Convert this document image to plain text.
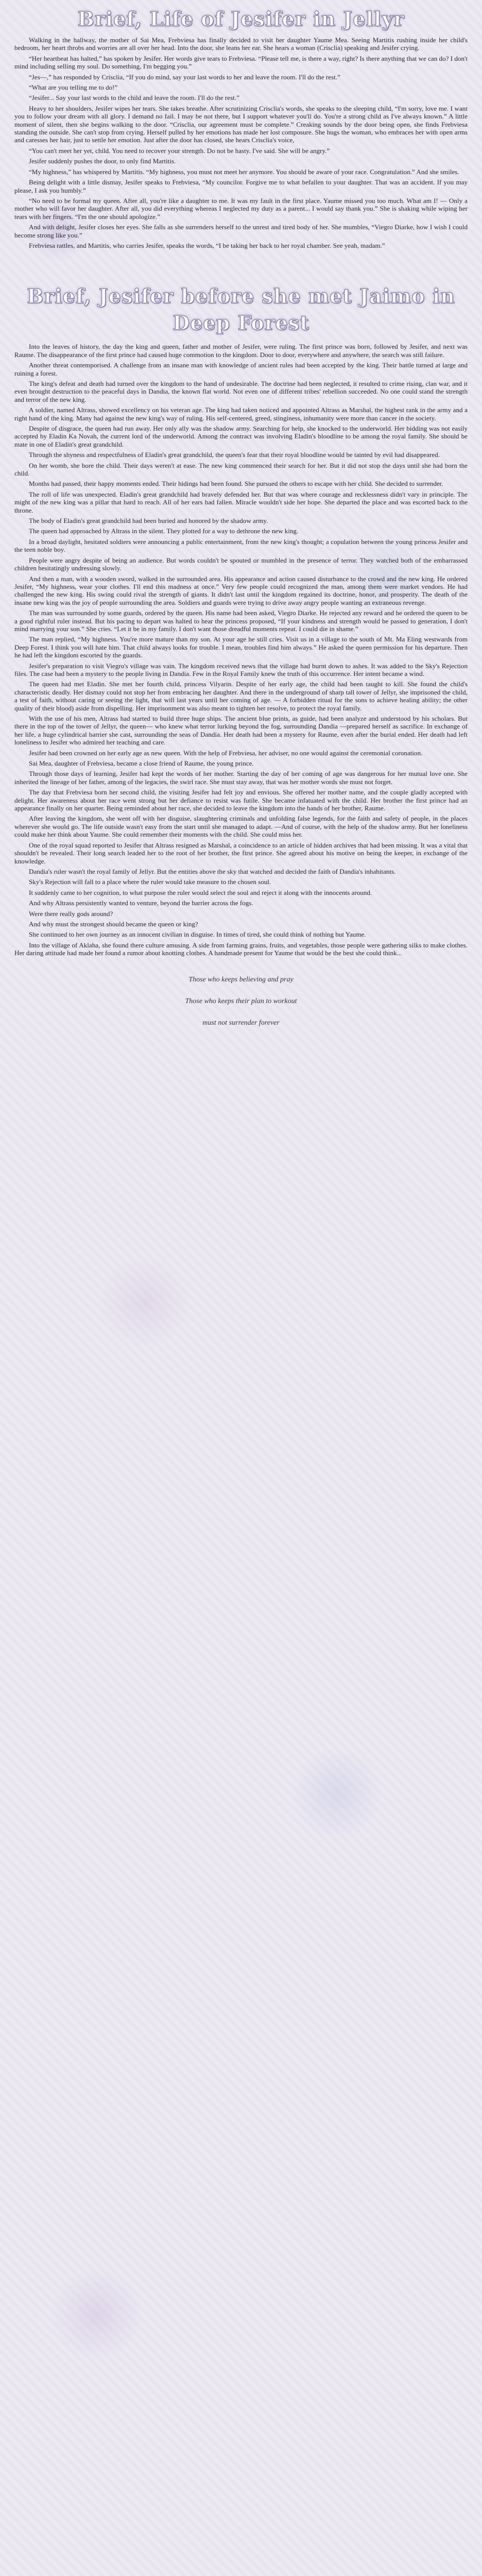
Brief, Life of Jesifer in Jellyr

Walking in the hallway, the mother of Sai Mea, Frebviesa has finally decided to visit her daughter Yaume Mea. Seeing Martitis rushing inside her child's bedroom, her heart throbs and worries are all over her head. Into the door, she leans her ear. She hears a woman (Crisclia) speaking and Jesifer crying.

“Her heartbeat has halted,” has spoken by Jesifer. Her words give tears to Frebviesa. “Please tell me, is there a way, right? Is there anything that we can do? I don't mind including selling my soul. Do something, I'm begging you.”

“Jes—,” has responded by Crisclia, “If you do mind, say your last words to her and leave the room. I'll do the rest.”

“What are you telling me to do!”

“Jesifer... Say your last words to the child and leave the room. I'll do the rest.”

Heavy to her shoulders, Jesifer wipes her tears. She takes breathe. After scrutinizing Crisclia's words, she speaks to the sleeping child, “I'm sorry, love me. I want you to follow your dream with all glory. I demand no fail. I may be not there, but I support whatever you'll do. You're a strong child as I've always known.” A little moment of silent, then she begins walking to the door. “Crisclia, our agreement must be complete.” Creaking sounds by the door being open, she finds Frebviesa standing the outside. She can't stop from crying. Herself pulled by her emotions has made her lost composure. She hugs the woman, who embraces her with open arms and caresses her hair, just to settle her emotion. Just after the door has closed, she hears Crisclia's voice,

“You can't meet her yet, child. You need to recover your strength. Do not be hasty. I've said. She will be angry.”

Jesifer suddenly pushes the door, to only find Martitis.

“My highness,” has whispered by Martitis. “My highness, you must not meet her anymore. You should be aware of your race. Congratulation.” And she smiles.

Being delight with a little dismay, Jesifer speaks to Frebviesa, “My councilor. Forgive me to what befallen to your daughter. That was an accident. If you may please, I ask you humbly.”

“No need to be formal my queen. After all, you're like a daughter to me. It was my fault in the first place. Yaume missed you too much. What am I! — Only a mother who will favor her daughter. After all, you did everything whereas I neglected my duty as a parent... I would say thank you.” She is shaking while wiping her tears with her fingers. “I'm the one should apologize.”

And with delight, Jesifer closes her eyes. She falls as she surrenders herself to the unrest and tired body of her. She mumbles, “Viegro Diarke, how I wish I could become strong like you.”

Frebviesa rattles, and Martitis, who carries Jesifer, speaks the words, “I be taking her back to her royal chamber. See yeah, madam.”

Brief, Jesifer before she met Jaimo in Deep Forest

Into the leaves of history, the day the king and queen, father and mother of Jesifer, were ruling. The first prince was born, followed by Jesifer, and next was Raume. The disappearance of the first prince had caused huge commotion to the kingdom. Door to door, everywhere and anywhere, the search was still failure.

Another threat contemporised. A challenge from an insane man with knowledge of ancient rules had been accepted by the king. Their battle turned at large and ruining a forest.

The king's defeat and death had turned over the kingdom to the hand of undesirable. The doctrine had been neglected, it resulted to crime rising, clan war, and it even brought destruction to the peaceful days in Dandia, the known flat world. Not even one of different tribes' rebellion succeeded. No one could stand the strength and terror of the new king.

A soldier, named Altrass, showed excellency on his veteran age. The king had taken noticed and appointed Altrass as Marshal, the highest rank in the army and a right hand of the king. Many had against the new king's way of ruling. His self-centered, greed, stinginess, inhumanity were more than cancer in the society.

Despite of disgrace, the queen had run away. Her only ally was the shadow army. Searching for help, she knocked to the underworld. Her bidding was not easily accepted by Eladin Ka Novah, the current lord of the underworld. Among the contract was involving Eladin's bloodline to be among the royal family. She should be mate in one of Eladin's great grandchild.

Through the shyness and respectfulness of Eladin's great grandchild, the queen's fear that their royal bloodline would be tainted by evil had disappeared.

On her womb, she bore the child. Their days weren't at ease. The new king commenced their search for her. But it did not stop the days until she had born the child.

Months had passed, their happy moments ended. Their hidings had been found. She pursued the others to escape with her child. She decided to surrender.

The roll of life was unexpected. Eladin's great grandchild had bravely defended her. But that was where courage and recklessness didn't vary in principle. The might of the new king was a pillar that hard to reach. All of her ears had fallen. Miracle wouldn't side her hope. She departed the place and was escorted back to the throne.

The body of Eladin's great grandchild had been buried and honored by the shadow army.

The queen had approached by Altrass in the silent. They plotted for a way to dethrone the new king.

In a broad daylight, hesitated soldiers were announcing a public entertainment, from the new king's thought; a copulation between the young princess Jesifer and the teen noble boy.

People were angry despite of being an audience. But words couldn't be spouted or mumbled in the presence of terror. They watched both of the embarrassed children hesitatingly undressing slowly.

And then a man, with a wooden sword, walked in the surrounded area. His appearance and action caused disturbance to the crowd and the new king. He ordered Jesifer, “My highness, wear your clothes. I'll end this madness at once.” Very few people could recognized the man, among them were market vendors. He had challenged the new king. His swing could rival the strength of giants. It didn't last until the kingdom regained its doctrine, honor, and prosperity. The death of the insane new king was the joy of people surrounding the area. Soldiers and guards were trying to drive away angry people wanting an extraneous revenge.

The man was surrounded by some guards, ordered by the queen. His name had been asked, Viegro Diarke. He rejected any reward and he ordered the queen to be a good rightful ruler instead. But his pacing to depart was halted to hear the princess proposed, “If your kindness and strength would be passed to generation, I don't mind marrying your son.” She cries. “Let it be in my family. I don't want those dreadful moments repeat. I could die in shame.”

The man replied, “My highness. You're more mature than my son. At your age he still cries. Visit us in a village to the south of Mt. Ma Eling westwards from Deep Forest. I think you will hate him. That child always looks for trouble. I mean, troubles find him always.” He asked the queen permission for his departure. Then he had left the kingdom escorted by the guards.

Jesifer's preparation to visit Viegro's village was vain. The kingdom received news that the village had burnt down to ashes. It was added to the Sky's Rejection files. The case had been a mystery to the people living in Dandia. Few in the Royal Family knew the truth of this occurrence. Her intent became a wind.

The queen had met Eladin. She met her fourth child, princess Vilyarin. Despite of her early age, the child had been taught to kill. She found the child's characteristic deadly. Her dismay could not stop her from embracing her daughter. And there in the underground of sharp tall tower of Jellyr, she imprisoned the child, a test of faith, without caring or seeing the light, that will last years until her coming of age. — A forbidden ritual for the sons to achieve healing ability; the other quality of their blood) aside from dispelling. Her imprisonment was also meant to tighten her resolve, to protect the royal family.

With the use of his men, Altrass had started to build three huge ships. The ancient blue prints, as guide, had been analyze and understood by his scholars. But there in the top of the tower of Jellyr, the queen— who knew what terror lurking beyond the fog, surrounding Dandia —prepared herself as sacrifice. In exchange of her life, a huge cylindrical barrier she cast, surrounding the seas of Dandia. Her death had been a mystery for Raume, even after the burial ended. Her death had left loneliness to Jesifer who admired her teaching and care.

Jesifer had been crowned on her early age as new queen. With the help of Frebviesa, her adviser, no one would against the ceremonial coronation.

Sai Mea, daughter of Frebviesa, became a close friend of Raume, the young prince.

Through those days of learning, Jesifer had kept the words of her mother. Starting the day of her coming of age was dangerous for her mutual love one. She inherited the lineage of her father, among of the legacies, the swirl race. She must stay away, that was her mother words she must not forget.

The day that Frebviesa born her second child, the visiting Jesifer had felt joy and envious. She offered her mother name, and the couple gladly accepted with delight. Her awareness about her race went strong but her defiance to resist was futile. She became infatuated with the child. Her brother the first prince had an appearance finally on her quarter. Being reminded about her race, she decided to leave the kingdom into the hands of her brother, Raume.

After leaving the kingdom, she went off with her disguise, slaughtering criminals and unfolding false legends, for the faith and safety of people, in the places wherever she would go. The life outside wasn't easy from the start until she managed to adapt. —And of course, with the help of the shadow army. But her loneliness could make her think about Yaume. She could remember their moments with the child. She could miss her.

One of the royal squad reported to Jesifer that Altrass resigned as Marshal, a coincidence to an article of hidden archives that had been missing. It was a vital that shouldn't be revealed. Their long search leaded her to the root of her brother, the first prince. She agreed about his motive on being the keeper, in exchange of the knowledge.

Dandia's ruler wasn't the royal family of Jellyr. But the entities above the sky that watched and decided the faith of Dandia's inhabitants.

Sky's Rejection will fall to a place where the ruler would take measure to the chosen soul.

It suddenly came to her cognition, to what purpose the ruler would select the soul and reject it along with the innocents around.

And why Altrass persistently wanted to venture, beyond the barrier across the fogs.

Were there really gods around?

And why must the strongest should became the queen or king?

She continued to her own journey as an innocent civilian in disguise. In times of tired, she could think of nothing but Yaume.

Into the village of Aklaha, she found there culture amusing. A side from farming grains, fruits, and vegetables, those people were gathering silks to make clothes. Her daring attitude had made her found a rumor about knotting clothes. A handmade present for Yaume that would be the best she could think...

Those who keeps believing and pray

Those who keeps their plan to workout

must not surrender forever
